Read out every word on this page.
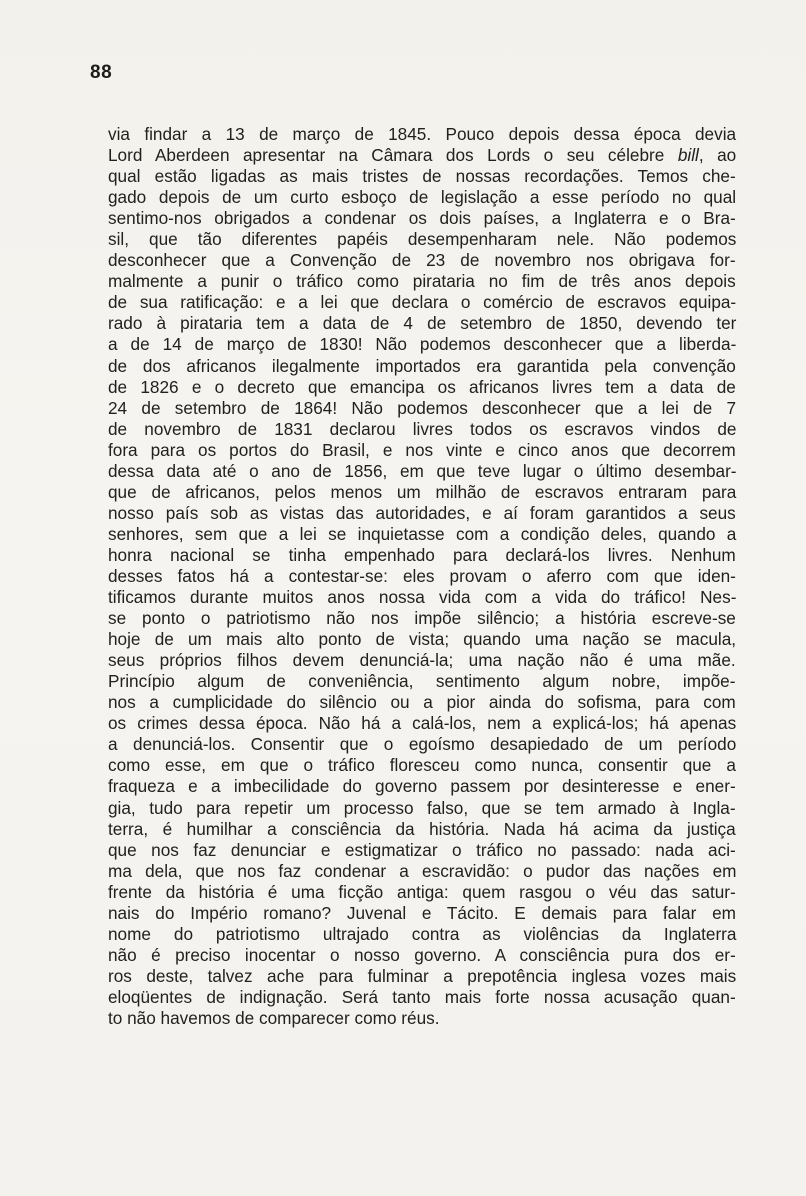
88
via findar a 13 de março de 1845. Pouco depois dessa época devia
Lord Aberdeen apresentar na Câmara dos Lords o seu célebre bill, ao
qual estão ligadas as mais tristes de nossas recordações. Temos che-
gado depois de um curto esboço de legislação a esse período no qual
sentimo-nos obrigados a condenar os dois países, a Inglaterra e o Bra-
sil, que tão diferentes papéis desempenharam nele. Não podemos
desconhecer que a Convenção de 23 de novembro nos obrigava for-
malmente a punir o tráfico como pirataria no fim de três anos depois
de sua ratificação: e a lei que declara o comércio de escravos equipa-
rado à pirataria tem a data de 4 de setembro de 1850, devendo ter
a de 14 de março de 1830! Não podemos desconhecer que a liberda-
de dos africanos ilegalmente importados era garantida pela convenção
de 1826 e o decreto que emancipa os africanos livres tem a data de
24 de setembro de 1864! Não podemos desconhecer que a lei de 7
de novembro de 1831 declarou livres todos os escravos vindos de
fora para os portos do Brasil, e nos vinte e cinco anos que decorrem
dessa data até o ano de 1856, em que teve lugar o último desembar-
que de africanos, pelos menos um milhão de escravos entraram para
nosso país sob as vistas das autoridades, e aí foram garantidos a seus
senhores, sem que a lei se inquietasse com a condição deles, quando a
honra nacional se tinha empenhado para declará-los livres. Nenhum
desses fatos há a contestar-se: eles provam o aferro com que iden-
tificamos durante muitos anos nossa vida com a vida do tráfico! Nes-
se ponto o patriotismo não nos impõe silêncio; a história escreve-se
hoje de um mais alto ponto de vista; quando uma nação se macula,
seus próprios filhos devem denunciá-la; uma nação não é uma mãe.
Princípio algum de conveniência, sentimento algum nobre, impõe-
nos a cumplicidade do silêncio ou a pior ainda do sofisma, para com
os crimes dessa época. Não há a calá-los, nem a explicá-los; há apenas
a denunciá-los. Consentir que o egoísmo desapiedado de um período
como esse, em que o tráfico floresceu como nunca, consentir que a
fraqueza e a imbecilidade do governo passem por desinteresse e ener-
gia, tudo para repetir um processo falso, que se tem armado à Ingla-
terra, é humilhar a consciência da história. Nada há acima da justiça
que nos faz denunciar e estigmatizar o tráfico no passado: nada aci-
ma dela, que nos faz condenar a escravidão: o pudor das nações em
frente da história é uma ficção antiga: quem rasgou o véu das satur-
nais do Império romano? Juvenal e Tácito. E demais para falar em
nome do patriotismo ultrajado contra as violências da Inglaterra
não é preciso inocentar o nosso governo. A consciência pura dos er-
ros deste, talvez ache para fulminar a prepotência inglesa vozes mais
eloqüentes de indignação. Será tanto mais forte nossa acusação quan-
to não havemos de comparecer como réus.
